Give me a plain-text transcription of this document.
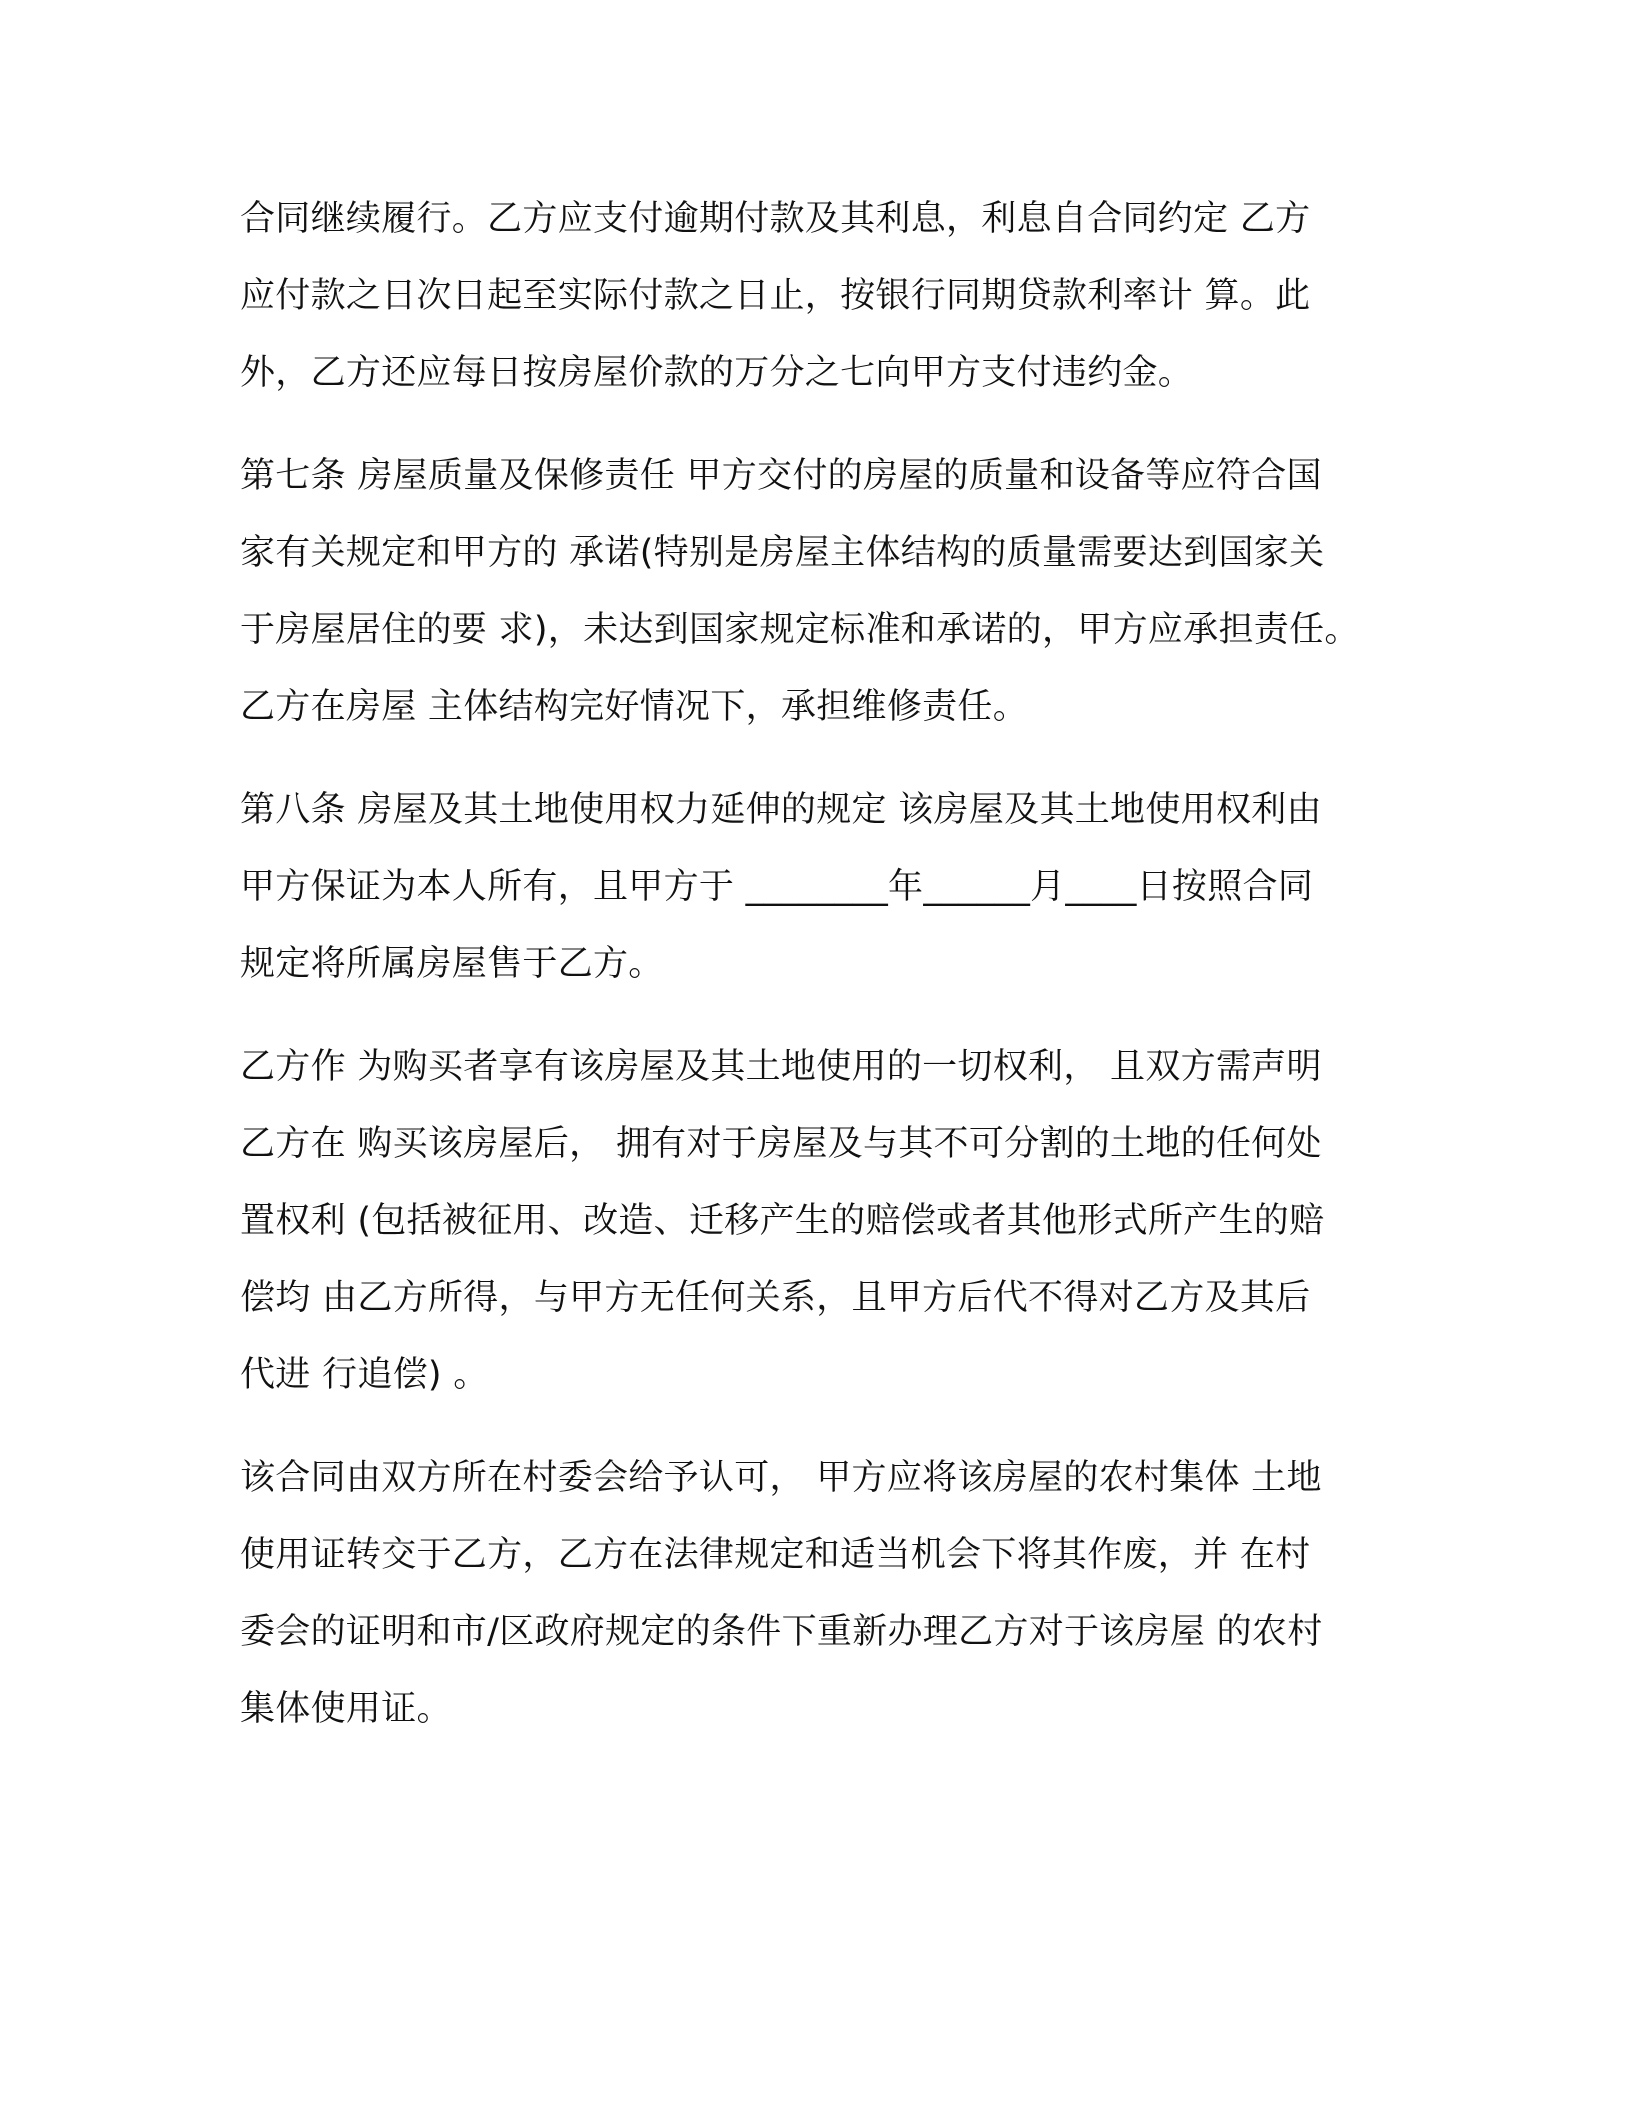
合同继续履行。乙方应支付逾期付款及其利息，利息自合同约定 乙方
应付款之日次日起至实际付款之日止，按银行同期贷款利率计 算。此
外，乙方还应每日按房屋价款的万分之七向甲方支付违约金。
第七条 房屋质量及保修责任 甲方交付的房屋的质量和设备等应符合国
家有关规定和甲方的 承诺(特别是房屋主体结构的质量需要达到国家关
于房屋居住的要 求)，未达到国家规定标准和承诺的，甲方应承担责任。
乙方在房屋 主体结构完好情况下，承担维修责任。
第八条 房屋及其土地使用权力延伸的规定 该房屋及其土地使用权利由
甲方保证为本人所有，且甲方于 ________年______月____日按照合同
规定将所属房屋售于乙方。
乙方作 为购买者享有该房屋及其土地使用的一切权利， 且双方需声明
乙方在 购买该房屋后， 拥有对于房屋及与其不可分割的土地的任何处
置权利 (包括被征用、改造、迁移产生的赔偿或者其他形式所产生的赔
偿均 由乙方所得，与甲方无任何关系，且甲方后代不得对乙方及其后
代进 行追偿) 。
该合同由双方所在村委会给予认可， 甲方应将该房屋的农村集体 土地
使用证转交于乙方，乙方在法律规定和适当机会下将其作废，并 在村
委会的证明和市/区政府规定的条件下重新办理乙方对于该房屋 的农村
集体使用证。
